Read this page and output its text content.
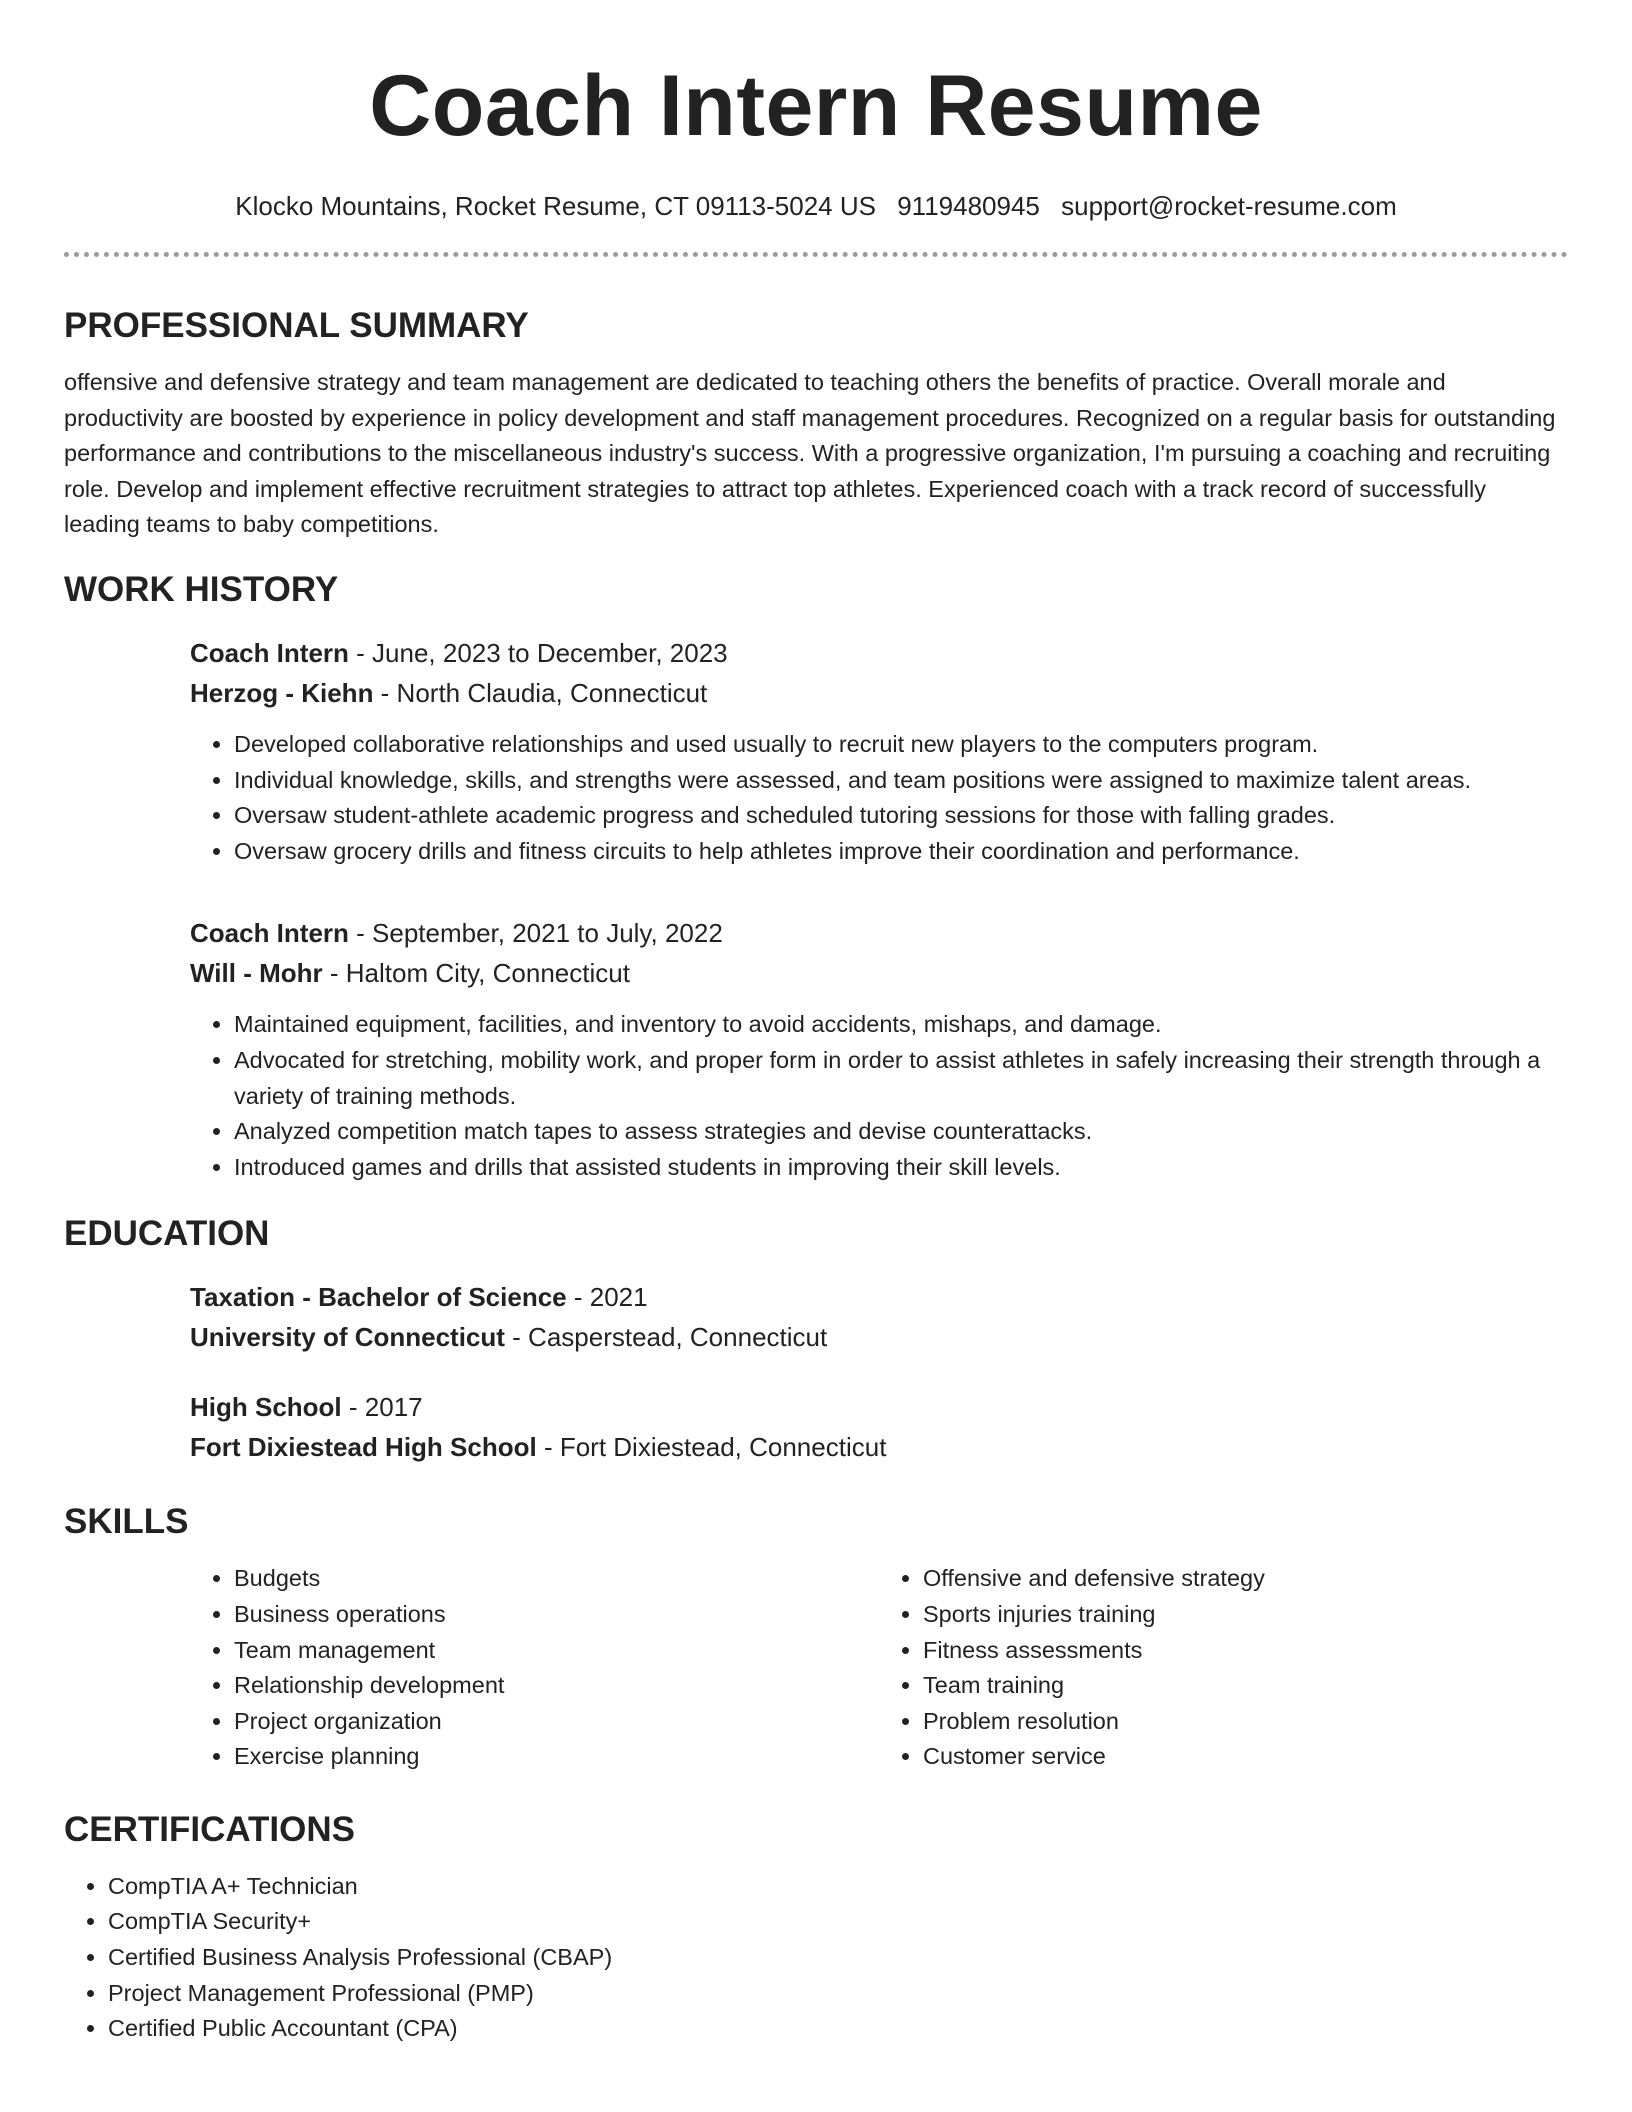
Coach Intern Resume
Klocko Mountains, Rocket Resume, CT 09113-5024 US 9119480945 support@rocket-resume.com
PROFESSIONAL SUMMARY

offensive and defensive strategy and team management are dedicated to teaching others the benefits of practice. Overall morale and productivity are boosted by experience in policy development and staff management procedures. Recognized on a regular basis for outstanding performance and contributions to the miscellaneous industry's success. With a progressive organization, I'm pursuing a coaching and recruiting role. Develop and implement effective recruitment strategies to attract top athletes. Experienced coach with a track record of successfully leading teams to baby competitions.

WORK HISTORY

Coach Intern - June, 2023 to December, 2023

Herzog - Kiehn - North Claudia, Connecticut

• Developed collaborative relationships and used usually to recruit new players to the computers program.
• Individual knowledge, skills, and strengths were assessed, and team positions were assigned to maximize talent areas.
• Oversaw student-athlete academic progress and scheduled tutoring sessions for those with falling grades.
• Oversaw grocery drills and fitness circuits to help athletes improve their coordination and performance.

Coach Intern - September, 2021 to July, 2022

Will - Mohr - Haltom City, Connecticut

• Maintained equipment, facilities, and inventory to avoid accidents, mishaps, and damage.
• Advocated for stretching, mobility work, and proper form in order to assist athletes in safely increasing their strength through a variety of training methods.
• Analyzed competition match tapes to assess strategies and devise counterattacks.
• Introduced games and drills that assisted students in improving their skill levels.
EDUCATION

Taxation - Bachelor of Science - 2021

University of Connecticut - Casperstead, Connecticut

High School - 2017

Fort Dixiestead High School - Fort Dixiestead, Connecticut

SKILLS
• Budgets
• Business operations
• Team management
• Relationship development
• Project organization
• Exercise planning
• Offensive and defensive strategy
• Sports injuries training
• Fitness assessments
• Team training
• Problem resolution
• Customer service
CERTIFICATIONS
• CompTIA A+ Technician
• CompTIA Security+
• Certified Business Analysis Professional (CBAP)
• Project Management Professional (PMP)
• Certified Public Accountant (CPA)
